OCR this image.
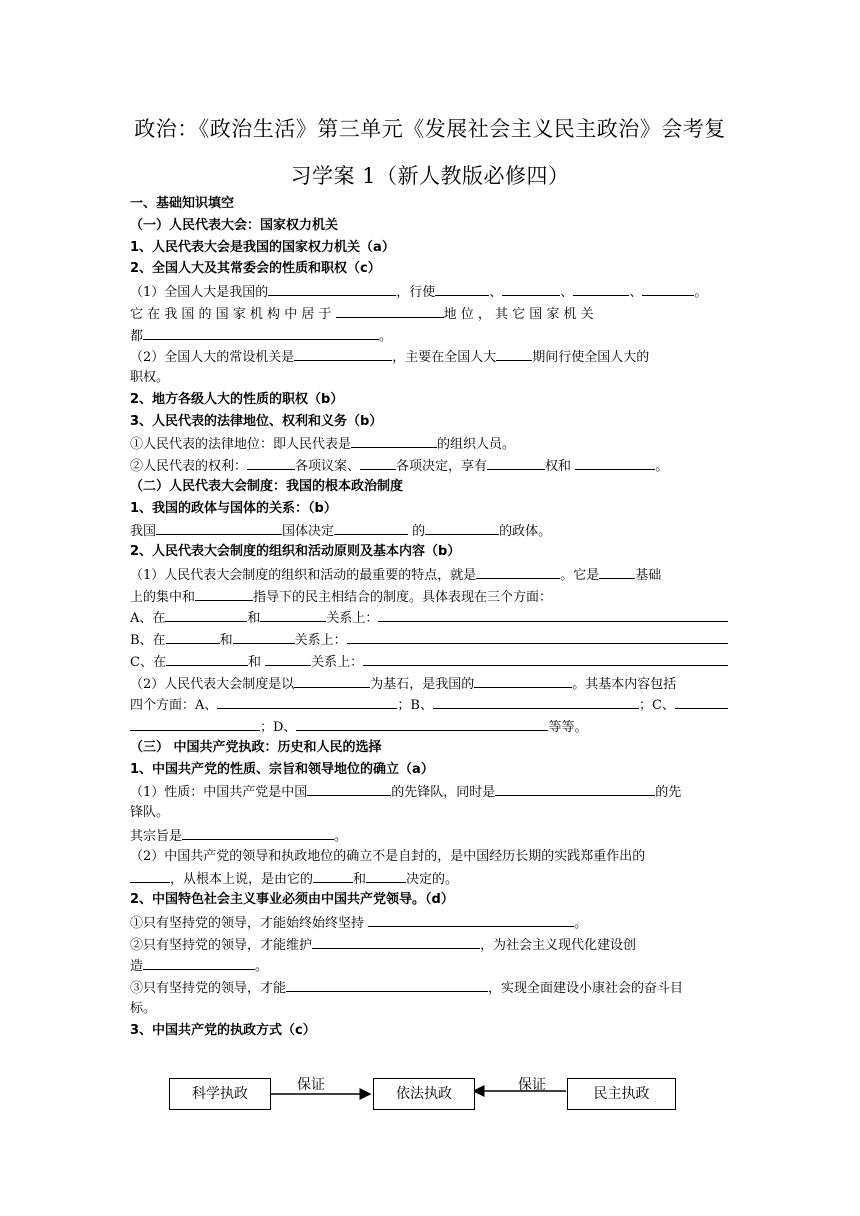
政治：《政治生活》第三单元《发展社会主义民主政治》会考复
习学案 1（新人教版必修四）
一、基础知识填空
（一）人民代表大会：国家权力机关
1、人民代表大会是我国的国家权力机关（a）
2、全国人大及其常委会的性质和职权（c）
（1）全国人大是我国的	，行使	、	、	、	。
它 在 我 国 的 国 家 机 构 中 居 于	地 位 ， 其 它 国 家 机 关
都	。
（2）全国人大的常设机关是	，主要在全国人大	期间行使全国人大的
职权。
2、地方各级人大的性质的职权（b）
3、人民代表的法律地位、权利和义务（b）
①人民代表的法律地位：即人民代表是	的组织人员。
②人民代表的权利：	各项议案、	各项决定，享有	权和	。
（二）人民代表大会制度：我国的根本政治制度
1、我国的政体与国体的关系：（b）
我国	国体决定	的	的政体。
2、人民代表大会制度的组织和活动原则及基本内容（b）
（1）人民代表大会制度的组织和活动的最重要的特点，就是	。它是	基础
上的集中和	指导下的民主相结合的制度。具体表现在三个方面：
A、在	和	关系上：
B、在	和	关系上：
C、在	和	关系上：
（2）人民代表大会制度是以	为基石，是我国的	。其基本内容包括
四个方面：A、	；B、	；C、
；D、	等等。
（三） 中国共产党执政：历史和人民的选择
1、中国共产党的性质、宗旨和领导地位的确立（a）
（1）性质：中国共产党是中国	的先锋队，同时是	的先
锋队。
其宗旨是	。
（2）中国共产党的领导和执政地位的确立不是自封的，是中国经历长期的实践郑重作出的
，从根本上说，是由它的	和	决定的。
2、中国特色社会主义事业必须由中国共产党领导。（d）
①只有坚持党的领导，才能始终始终坚持	。
②只有坚持党的领导，才能维护	，为社会主义现代化建设创
造	。
③只有坚持党的领导，才能	，实现全面建设小康社会的奋斗目
标。
3、中国共产党的执政方式（c）
科学执政	依法执政	民主执政
保证	保证
